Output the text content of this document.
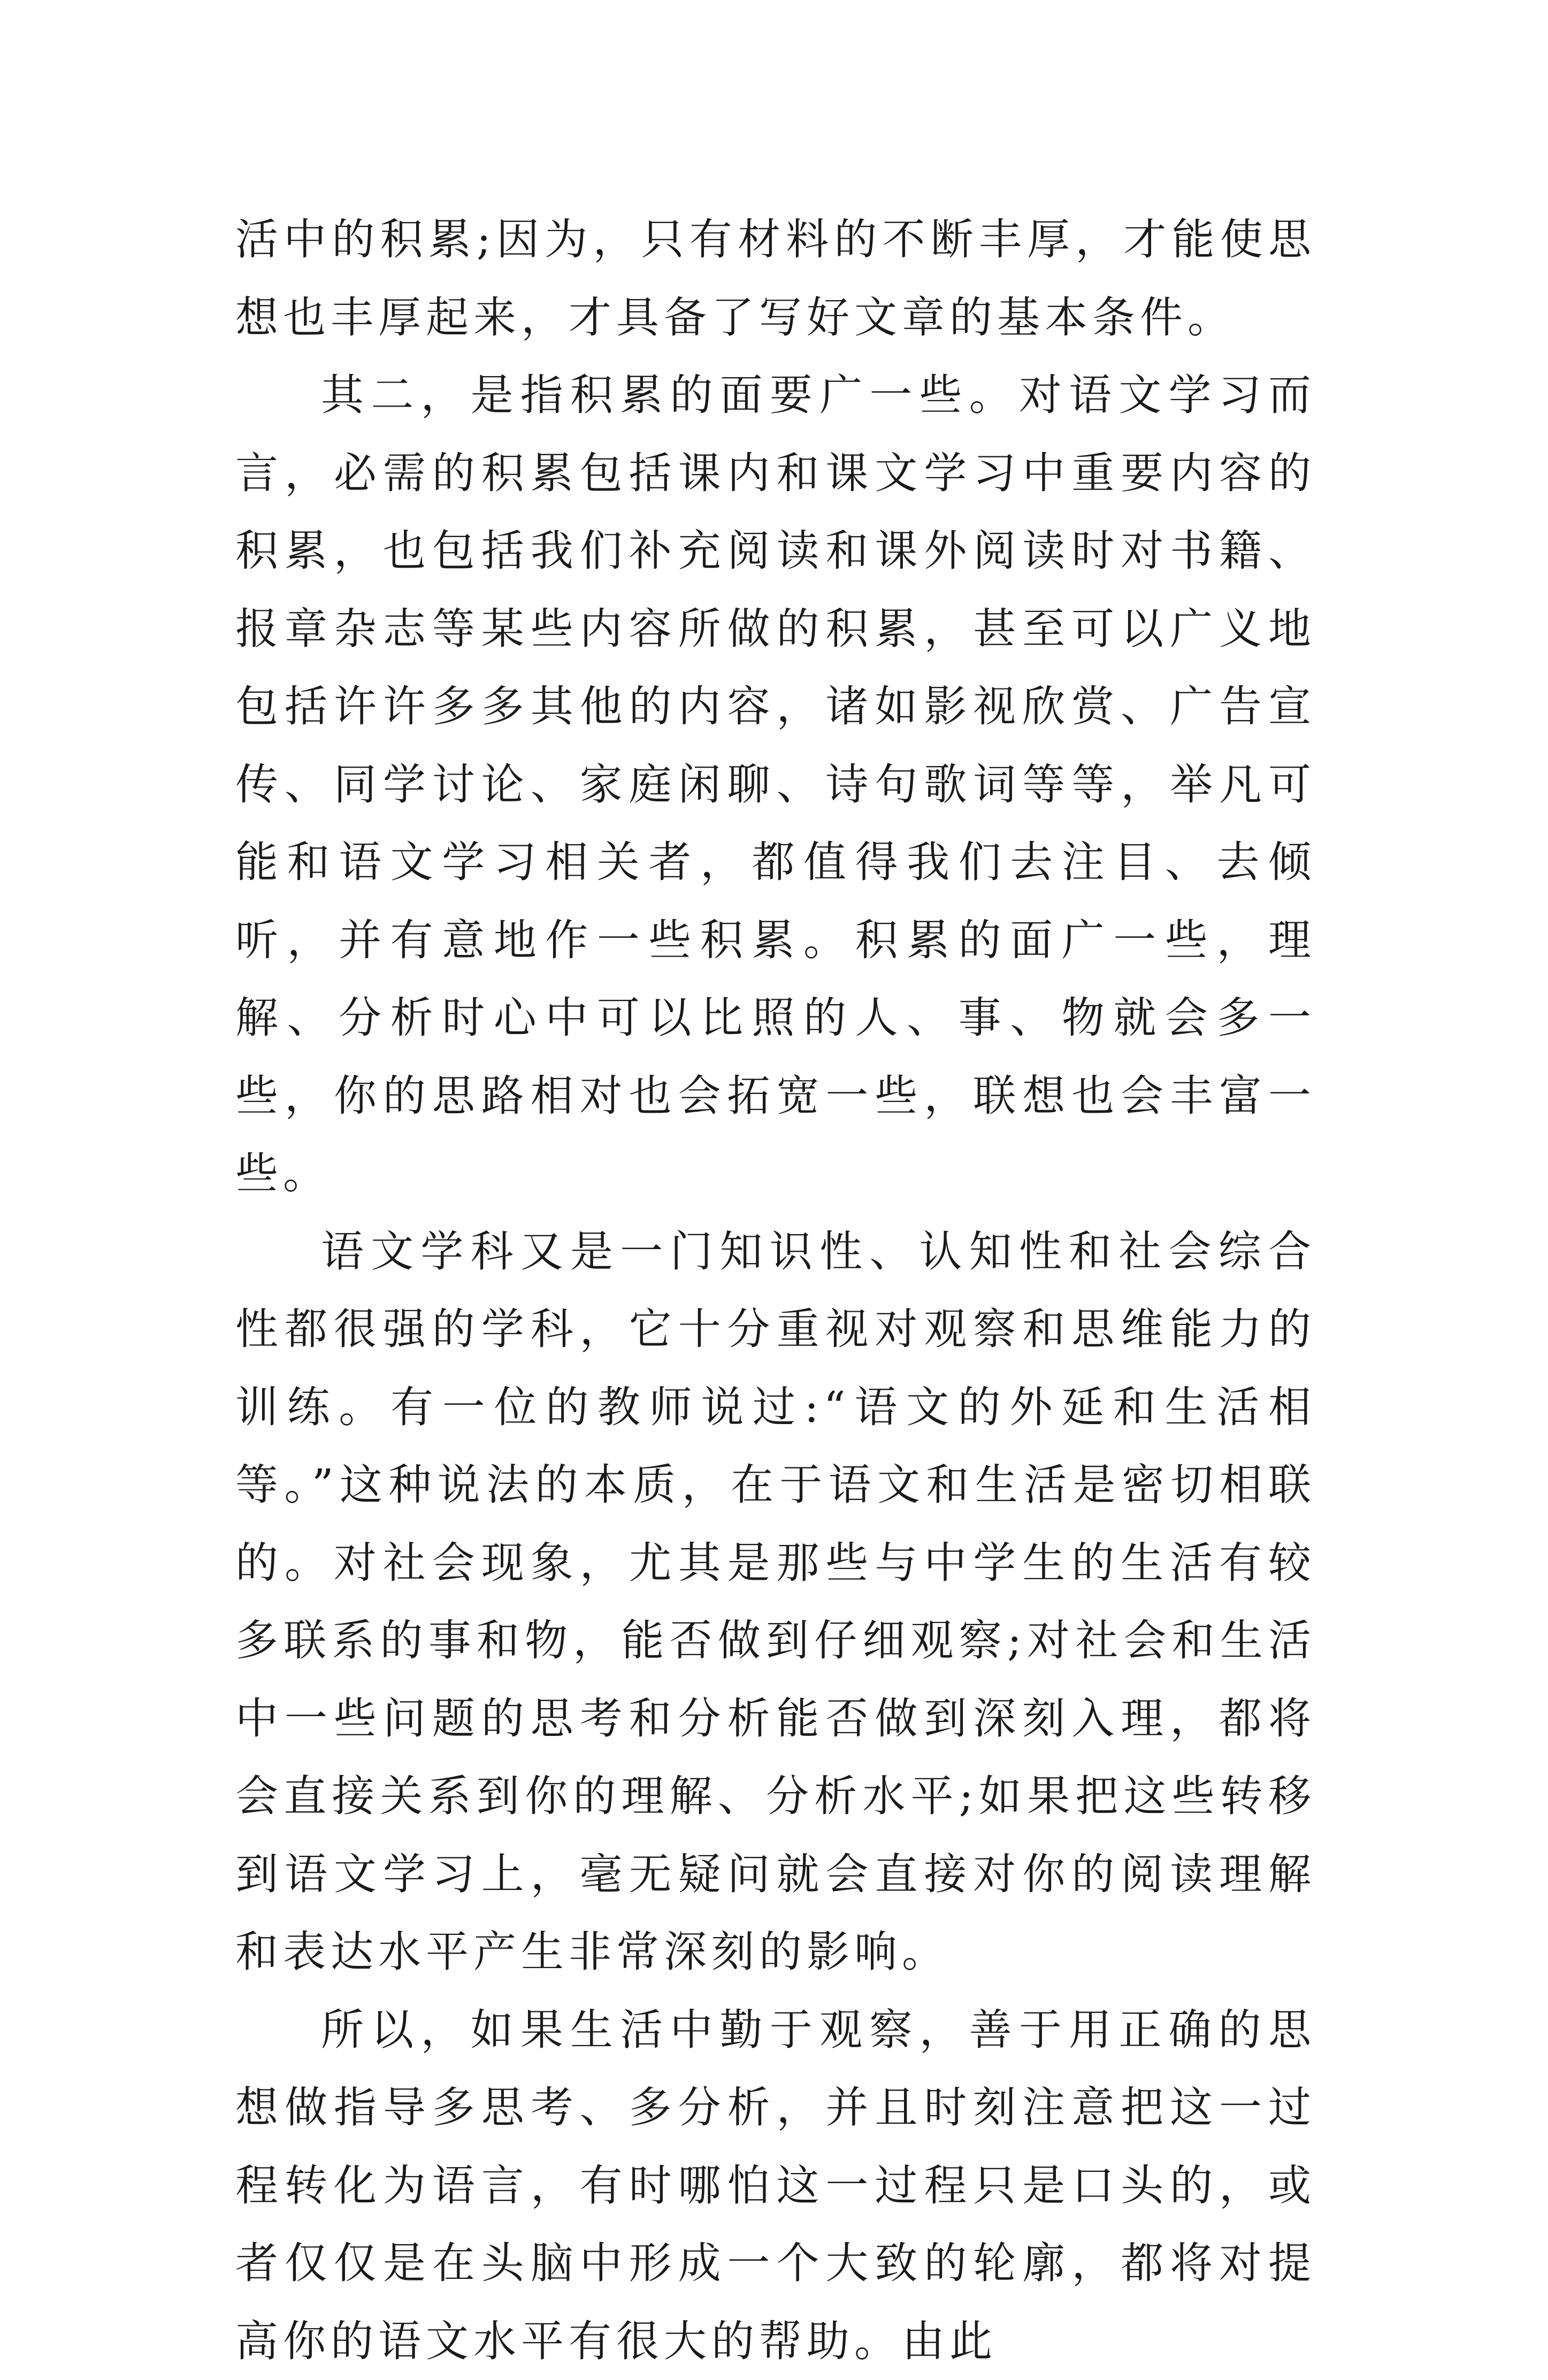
活中的积累;因为，只有材料的不断丰厚，才能使思想也丰厚起来，才具备了写好文章的基本条件。

其二，是指积累的面要广一些。对语文学习而言，必需的积累包括课内和课文学习中重要内容的积累，也包括我们补充阅读和课外阅读时对书籍、报章杂志等某些内容所做的积累，甚至可以广义地包括许许多多其他的内容，诸如影视欣赏、广告宣传、同学讨论、家庭闲聊、诗句歌词等等，举凡可能和语文学习相关者，都值得我们去注目、去倾听，并有意地作一些积累。积累的面广一些，理解、分析时心中可以比照的人、事、物就会多一些，你的思路相对也会拓宽一些，联想也会丰富一些。

语文学科又是一门知识性、认知性和社会综合性都很强的学科，它十分重视对观察和思维能力的训练。有一位的教师说过:“语文的外延和生活相等。”这种说法的本质，在于语文和生活是密切相联的。对社会现象，尤其是那些与中学生的生活有较多联系的事和物，能否做到仔细观察;对社会和生活中一些问题的思考和分析能否做到深刻入理，都将会直接关系到你的理解、分析水平;如果把这些转移到语文学习上，毫无疑问就会直接对你的阅读理解和表达水平产生非常深刻的影响。

所以，如果生活中勤于观察，善于用正确的思想做指导多思考、多分析，并且时刻注意把这一过程转化为语言，有时哪怕这一过程只是口头的，或者仅仅是在头脑中形成一个大致的轮廓，都将对提高你的语文水平有很大的帮助。由此
